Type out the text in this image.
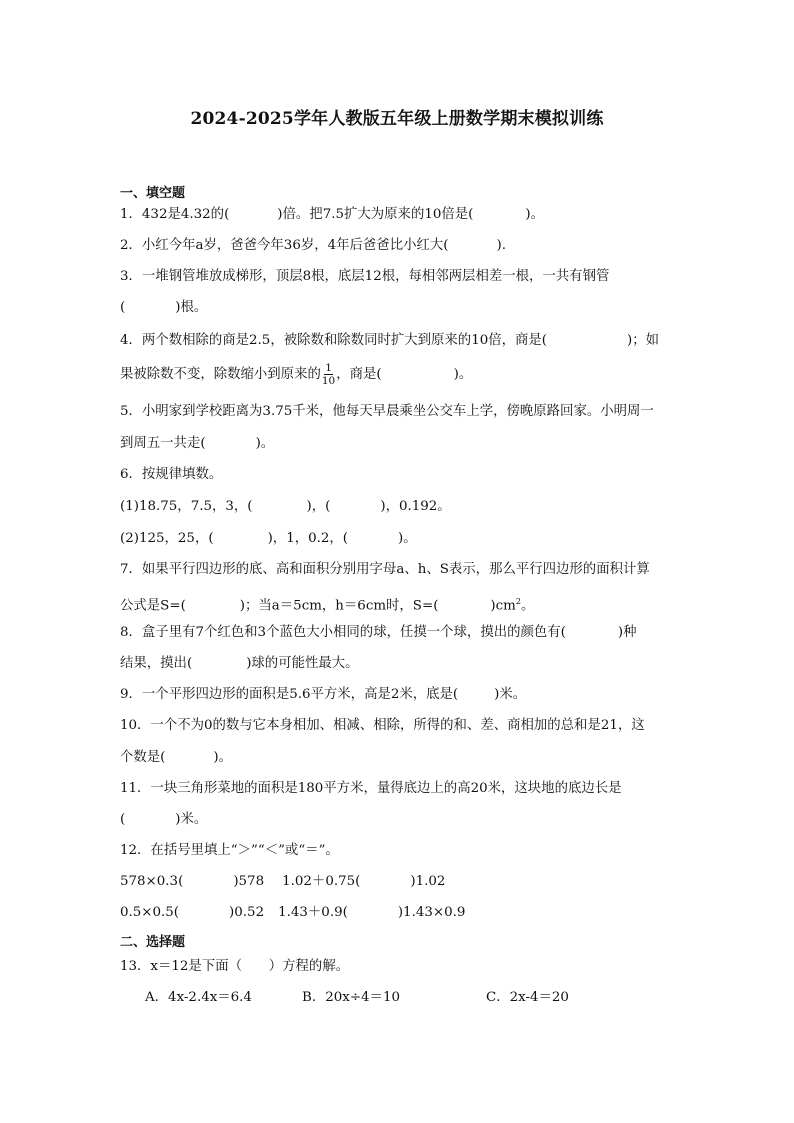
2024-2025学年人教版五年级上册数学期末模拟训练
一、填空题
1．432是4.32的(	)倍。把7.5扩大为原来的10倍是(	)。
2．小红今年a岁，爸爸今年36岁，4年后爸爸比小红大(	).
3．一堆钢管堆放成梯形，顶层8根，底层12根，每相邻两层相差一根，一共有钢管
(	)根。
4．两个数相除的商是2.5，被除数和除数同时扩大到原来的10倍，商是(	)；如
果被除数不变，除数缩小到原来的 $\frac{1}{10}$ ，商是(	)。
5．小明家到学校距离为3.75千米，他每天早晨乘坐公交车上学，傍晚原路回家。小明周一
到周五一共走(	)。
6．按规律填数。
(1)18.75，7.5，3，(	)，(	)，0.192。
(2)125，25，(	)，1，0.2，(	)。
7．如果平行四边形的底、高和面积分别用字母a、h、S表示，那么平行四边形的面积计算
公式是S=(	)；当a＝5cm，h＝6cm时，S=(	)$cm^2$。
8．盒子里有7个红色和3个蓝色大小相同的球，任摸一个球，摸出的颜色有(	)种
结果，摸出(	)球的可能性最大。
9．一个平形四边形的面积是5.6平方米，高是2米，底是(	)米。
10．一个不为0的数与它本身相加、相减、相除，所得的和、差、商相加的总和是21，这
个数是(	)。
11．一块三角形菜地的面积是180平方米，量得底边上的高20米，这块地的底边长是
(	)米。
12．在括号里填上“＞”“＜”或“＝”。
578×0.3(	)578 1.02＋0.75(	)1.02
0.5×0.5(	)0.52 1.43＋0.9(	)1.43×0.9
二、选择题
13．x＝12是下面（　　）方程的解。
A．4x-2.4x＝6.4	B．20x÷4＝10	C．2x-4＝20
